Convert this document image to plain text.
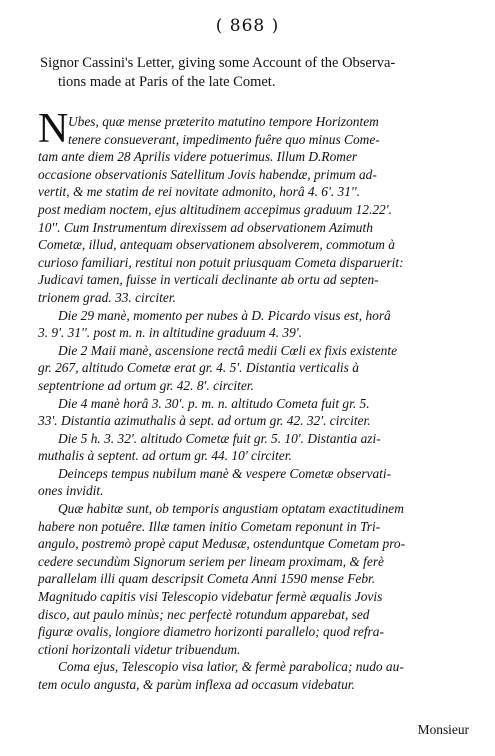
( 868 )
Signor Cassini's Letter, giving some Account of the Observa-
tions made at Paris of the late Comet.
N Ubes, quæ mense præterito matutino tempore Horizontem
tenere consueverant, impedimento fuêre quo minus Come-
tam ante diem 28 Aprilis videre potuerimus. Illum D.Romer
occasione observationis Satellitum Jovis habendæ, primum ad-
vertit, & me statim de rei novitate admonito, horâ 4. 6'. 31''.
post mediam noctem, ejus altitudinem accepimus graduum 12.22'.
10''. Cum Instrumentum direxissem ad observationem Azimuth
Cometæ, illud, antequam observationem absolverem, commotum à
curioso familiari, restitui non potuit priusquam Cometa disparuerit:
Judicavi tamen, fuisse in verticali declinante ab ortu ad septen-
trionem grad. 33. circiter.
Die 29 manè, momento per nubes à D. Picardo visus est, horâ
3. 9'. 31''. post m. n. in altitudine graduum 4. 39'.
Die 2 Maii manè, ascensione rectâ medii Cœli ex fixis existente
gr. 267, altitudo Cometæ erat gr. 4. 5'. Distantia verticalis à
septentrione ad ortum gr. 42. 8'. circiter.
Die 4 manè horâ 3. 30'. p. m. n. altitudo Cometa fuit gr. 5.
33'. Distantia azimuthalis à sept. ad ortum gr. 42. 32'. circiter.
Die 5 h. 3. 32'. altitudo Cometæ fuit gr. 5. 10'. Distantia azi-
muthalis à septent. ad ortum gr. 44. 10' circiter.
Deinceps tempus nubilum manè & vespere Cometæ observati-
ones invidit.
Quæ habitæ sunt, ob temporis angustiam optatam exactitudinem
habere non potuêre. Illæ tamen initio Cometam reponunt in Tri-
angulo, postremò propè caput Medusæ, ostenduntque Cometam pro-
cedere secundùm Signorum seriem per lineam proximam, & ferè
parallelam illi quam descripsit Cometa Anni 1590 mense Febr.
Magnitudo capitis visi Telescopio videbatur fermè æqualis Jovis
disco, aut paulo minùs; nec perfectè rotundum apparebat, sed
figuræ ovalis, longiore diametro horizonti parallelo; quod refra-
ctioni horizontali videtur tribuendum.
Coma ejus, Telescopio visa latior, & fermè parabolica; nudo au-
tem oculo angusta, & parùm inflexa ad occasum videbatur.
Monsieur
